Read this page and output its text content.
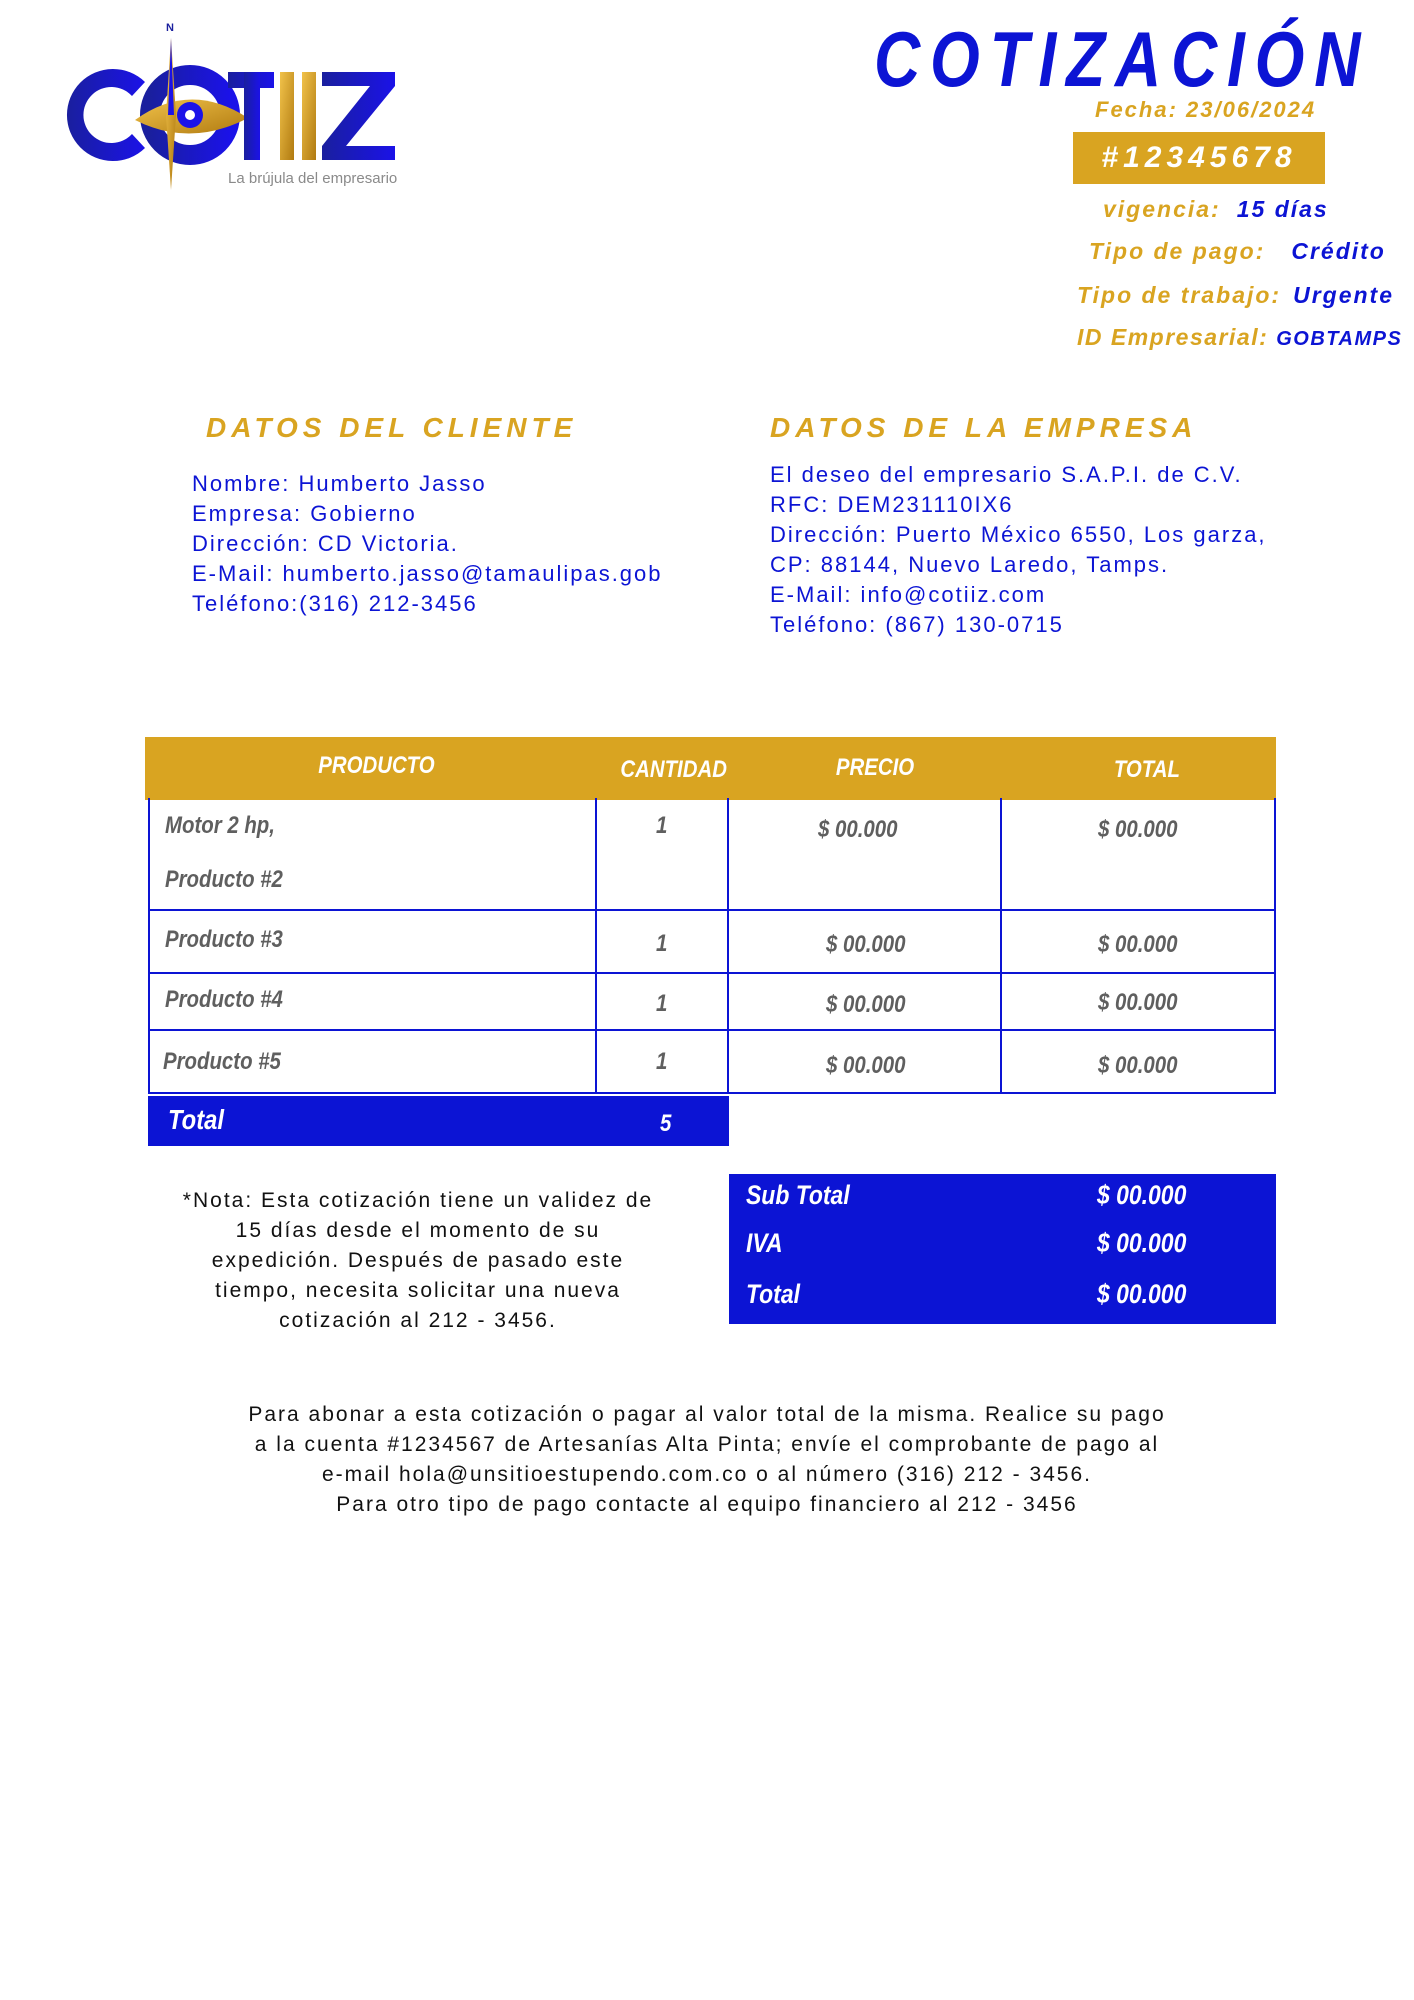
N
La brújula del empresario
COTIZACIÓN
Fecha: 23/06/2024
#12345678
vigencia: 15 días
Tipo de pago: Crédito
Tipo de trabajo: Urgente
ID Empresarial: GOBTAMPS
DATOS DEL CLIENTE
Nombre: Humberto Jasso
Empresa: Gobierno
Dirección: CD Victoria.
E-Mail: humberto.jasso@tamaulipas.gob
Teléfono:(316) 212-3456
DATOS DE LA EMPRESA
El deseo del empresario S.A.P.I. de C.V.
RFC: DEM231110IX6
Dirección: Puerto México 6550, Los garza,
CP: 88144, Nuevo Laredo, Tamps.
E-Mail: info@cotiiz.com
Teléfono: (867) 130-0715
PRODUCTO	CANTIDAD	PRECIO	TOTAL
Motor 2 hp,
Producto #2
1	$ 00.000	$ 00.000
Producto #3	1	$ 00.000	$ 00.000
Producto #4	1	$ 00.000	$ 00.000
Producto #5	1	$ 00.000	$ 00.000
Total	5
*Nota: Esta cotización tiene un validez de 15 días desde el momento de su expedición. Después de pasado este tiempo, necesita solicitar una nueva cotización al 212 - 3456.
Sub Total	$ 00.000
IVA	$ 00.000
Total	$ 00.000
Para abonar a esta cotización o pagar al valor total de la misma. Realice su pago
a la cuenta #1234567 de Artesanías Alta Pinta; envíe el comprobante de pago al
e-mail hola@unsitioestupendo.com.co o al número (316) 212 - 3456.
Para otro tipo de pago contacte al equipo financiero al 212 - 3456
